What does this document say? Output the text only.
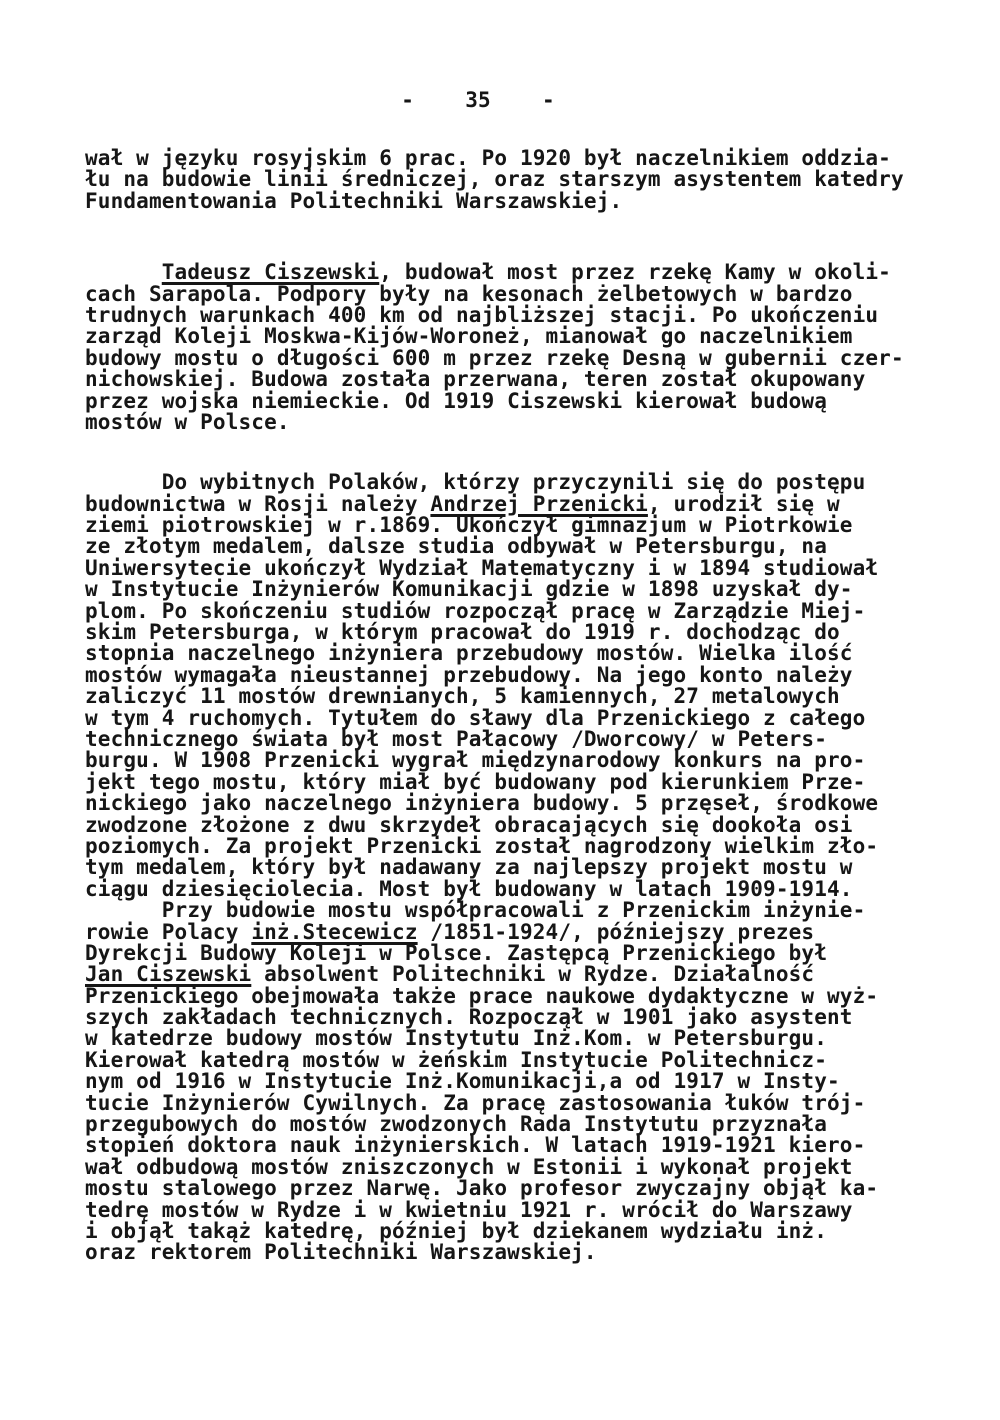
-    35    -
wał w języku rosyjskim 6 prac. Po 1920 był naczelnikiem oddzia-
łu na budowie linii średniczej, oraz starszym asystentem katedry
Fundamentowania Politechniki Warszawskiej.
Tadeusz Ciszewski, budował most przez rzekę Kamy w okoli-
cach Sarapola. Podpory były na kesonach żelbetowych w bardzo
trudnych warunkach 400 km od najbliższej stacji. Po ukończeniu
zarząd Koleji Moskwa-Kijów-Woroneż, mianował go naczelnikiem
budowy mostu o długości 600 m przez rzekę Desną w gubernii czer-
nichowskiej. Budowa została przerwana, teren został okupowany
przez wojska niemieckie. Od 1919 Ciszewski kierował budową
mostów w Polsce.
Do wybitnych Polaków, którzy przyczynili się do postępu
budownictwa w Rosji należy Andrzej Przenicki, urodził się w
ziemi piotrowskiej w r.1869. Ukończył gimnazjum w Piotrkowie
ze złotym medalem, dalsze studia odbywał w Petersburgu, na
Uniwersytecie ukończył Wydział Matematyczny i w 1894 studiował
w Instytucie Inżynierów Komunikacji gdzie w 1898 uzyskał dy-
plom. Po skończeniu studiów rozpoczął pracę w Zarządzie Miej-
skim Petersburga, w którym pracował do 1919 r. dochodząc do
stopnia naczelnego inżyniera przebudowy mostów. Wielka ilość
mostów wymagała nieustannej przebudowy. Na jego konto należy
zaliczyć 11 mostów drewnianych, 5 kamiennych, 27 metalowych
w tym 4 ruchomych. Tytułem do sławy dla Przenickiego z całego
technicznego świata był most Pałacowy /Dworcowy/ w Peters-
burgu. W 1908 Przenicki wygrał międzynarodowy konkurs na pro-
jekt tego mostu, który miał być budowany pod kierunkiem Prze-
nickiego jako naczelnego inżyniera budowy. 5 przęseł, środkowe
zwodzone złożone z dwu skrzydeł obracających się dookoła osi
poziomych. Za projekt Przenicki został nagrodzony wielkim zło-
tym medalem, który był nadawany za najlepszy projekt mostu w
ciągu dziesięciolecia. Most był budowany w latach 1909-1914.
Przy budowie mostu współpracowali z Przenickim inżynie-
rowie Polacy inż.Stecewicz /1851-1924/, późniejszy prezes
Dyrekcji Budowy Koleji w Polsce. Zastępcą Przenickiego był
Jan Ciszewski absolwent Politechniki w Rydze. Działalność
Przenickiego obejmowała także prace naukowe dydaktyczne w wyż-
szych zakładach technicznych. Rozpoczął w 1901 jako asystent
w katedrze budowy mostów Instytutu Inż.Kom. w Petersburgu.
Kierował katedrą mostów w żeńskim Instytucie Politechnicz-
nym od 1916 w Instytucie Inż.Komunikacji,a od 1917 w Insty-
tucie Inżynierów Cywilnych. Za pracę zastosowania łuków trój-
przegubowych do mostów zwodzonych Rada Instytutu przyznała
stopień doktora nauk inżynierskich. W latach 1919-1921 kiero-
wał odbudową mostów zniszczonych w Estonii i wykonał projekt
mostu stalowego przez Narwę. Jako profesor zwyczajny objął ka-
tedrę mostów w Rydze i w kwietniu 1921 r. wrócił do Warszawy
i objął takąż katedrę, później był dziekanem wydziału inż.
oraz rektorem Politechniki Warszawskiej.
